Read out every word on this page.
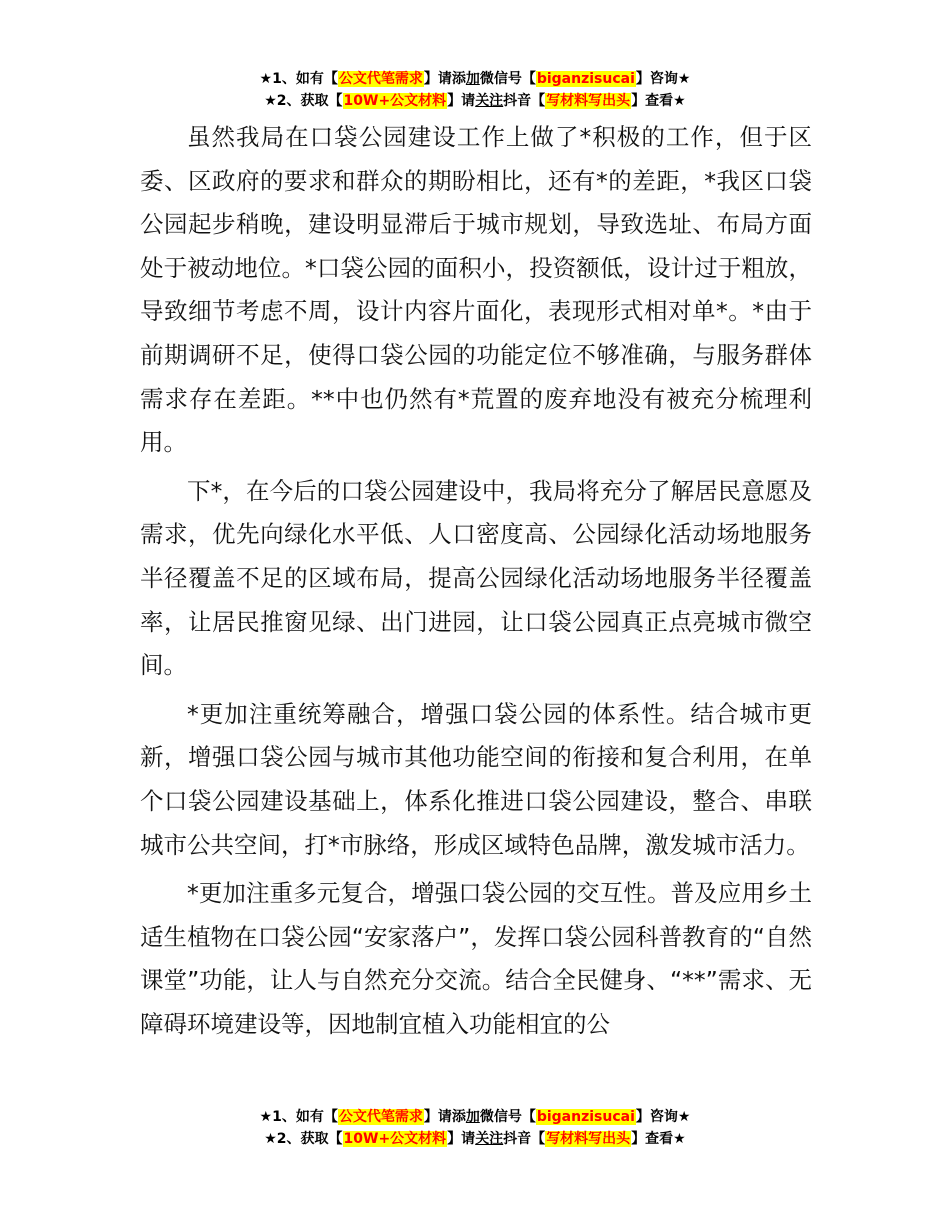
★1、如有【公文代笔需求】请添加微信号【biganzisucai】咨询★
★2、获取【10W+公文材料】请关注抖音【写材料写出头】查看★

虽然我局在口袋公园建设工作上做了*积极的工作，但于区委、区政府的要求和群众的期盼相比，还有*的差距，*我区口袋公园起步稍晚，建设明显滞后于城市规划，导致选址、布局方面处于被动地位。*口袋公园的面积小，投资额低，设计过于粗放，导致细节考虑不周，设计内容片面化，表现形式相对单*。*由于前期调研不足，使得口袋公园的功能定位不够准确，与服务群体需求存在差距。**中也仍然有*荒置的废弃地没有被充分梳理利用。

下*，在今后的口袋公园建设中，我局将充分了解居民意愿及需求，优先向绿化水平低、人口密度高、公园绿化活动场地服务半径覆盖不足的区域布局，提高公园绿化活动场地服务半径覆盖率，让居民推窗见绿、出门进园，让口袋公园真正点亮城市微空间。

*更加注重统筹融合，增强口袋公园的体系性。结合城市更新，增强口袋公园与城市其他功能空间的衔接和复合利用，在单个口袋公园建设基础上，体系化推进口袋公园建设，整合、串联城市公共空间，打*市脉络，形成区域特色品牌，激发城市活力。

*更加注重多元复合，增强口袋公园的交互性。普及应用乡土适生植物在口袋公园“安家落户”，发挥口袋公园科普教育的“自然课堂”功能，让人与自然充分交流。结合全民健身、“**”需求、无障碍环境建设等，因地制宜植入功能相宜的公

★1、如有【公文代笔需求】请添加微信号【biganzisucai】咨询★
★2、获取【10W+公文材料】请关注抖音【写材料写出头】查看★
